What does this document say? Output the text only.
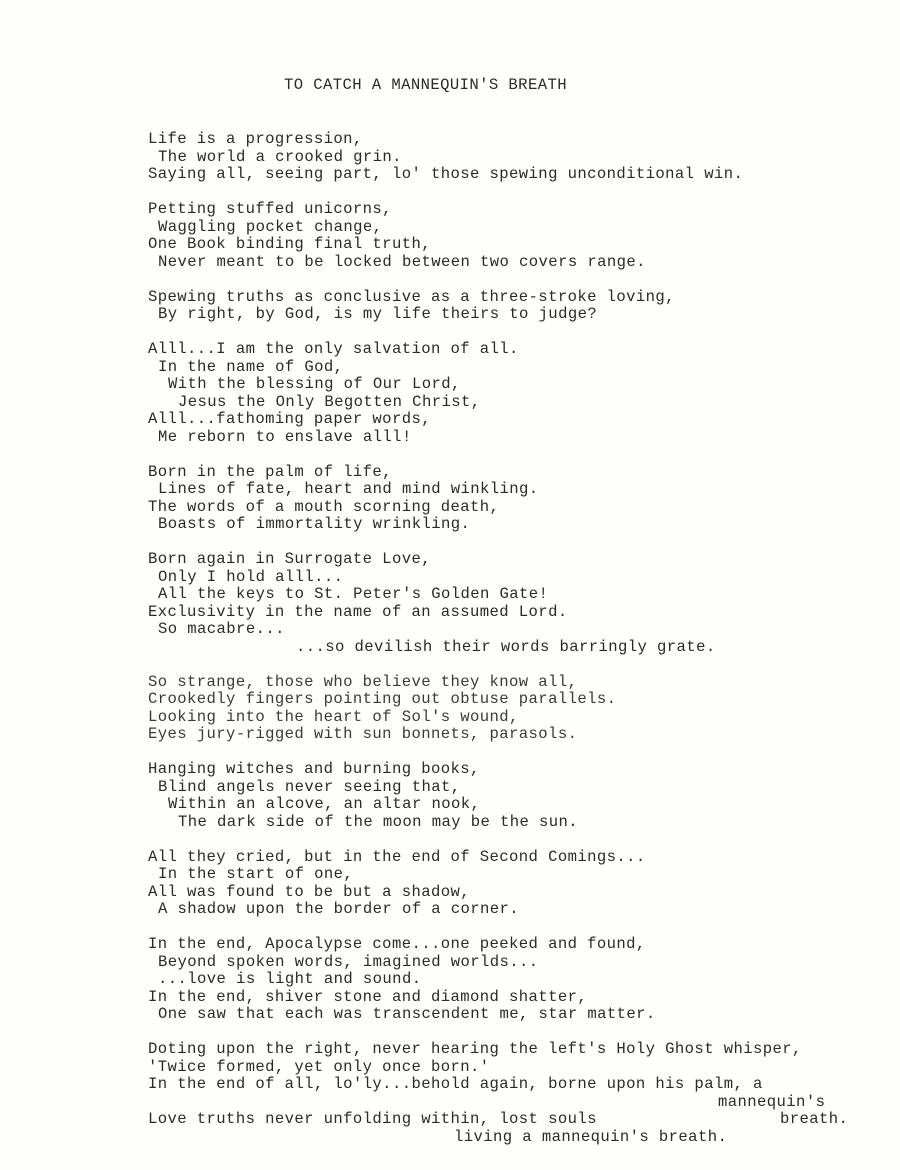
TO CATCH A MANNEQUIN'S BREATH
Life is a progression,
The world a crooked grin.
Saying all, seeing part, lo' those spewing unconditional win.
Petting stuffed unicorns,
Waggling pocket change,
One Book binding final truth,
Never meant to be locked between two covers range.
Spewing truths as conclusive as a three-stroke loving,
By right, by God, is my life theirs to judge?
Alll...I am the only salvation of all.
In the name of God,
With the blessing of Our Lord,
Jesus the Only Begotten Christ,
Alll...fathoming paper words,
Me reborn to enslave alll!
Born in the palm of life,
Lines of fate, heart and mind winkling.
The words of a mouth scorning death,
Boasts of immortality wrinkling.
Born again in Surrogate Love,
Only I hold alll...
All the keys to St. Peter's Golden Gate!
Exclusivity in the name of an assumed Lord.
So macabre...
...so devilish their words barringly grate.
So strange, those who believe they know all,
Crookedly fingers pointing out obtuse parallels.
Looking into the heart of Sol's wound,
Eyes jury-rigged with sun bonnets, parasols.
Hanging witches and burning books,
Blind angels never seeing that,
Within an alcove, an altar nook,
The dark side of the moon may be the sun.
All they cried, but in the end of Second Comings...
In the start of one,
All was found to be but a shadow,
A shadow upon the border of a corner.
In the end, Apocalypse come...one peeked and found,
Beyond spoken words, imagined worlds...
...love is light and sound.
In the end, shiver stone and diamond shatter,
One saw that each was transcendent me, star matter.
Doting upon the right, never hearing the left's Holy Ghost whisper,
'Twice formed, yet only once born.'
In the end of all, lo'ly...behold again, borne upon his palm, a
mannequin's
Love truths never unfolding within, lost souls
living a mannequin's breath.
breath.
